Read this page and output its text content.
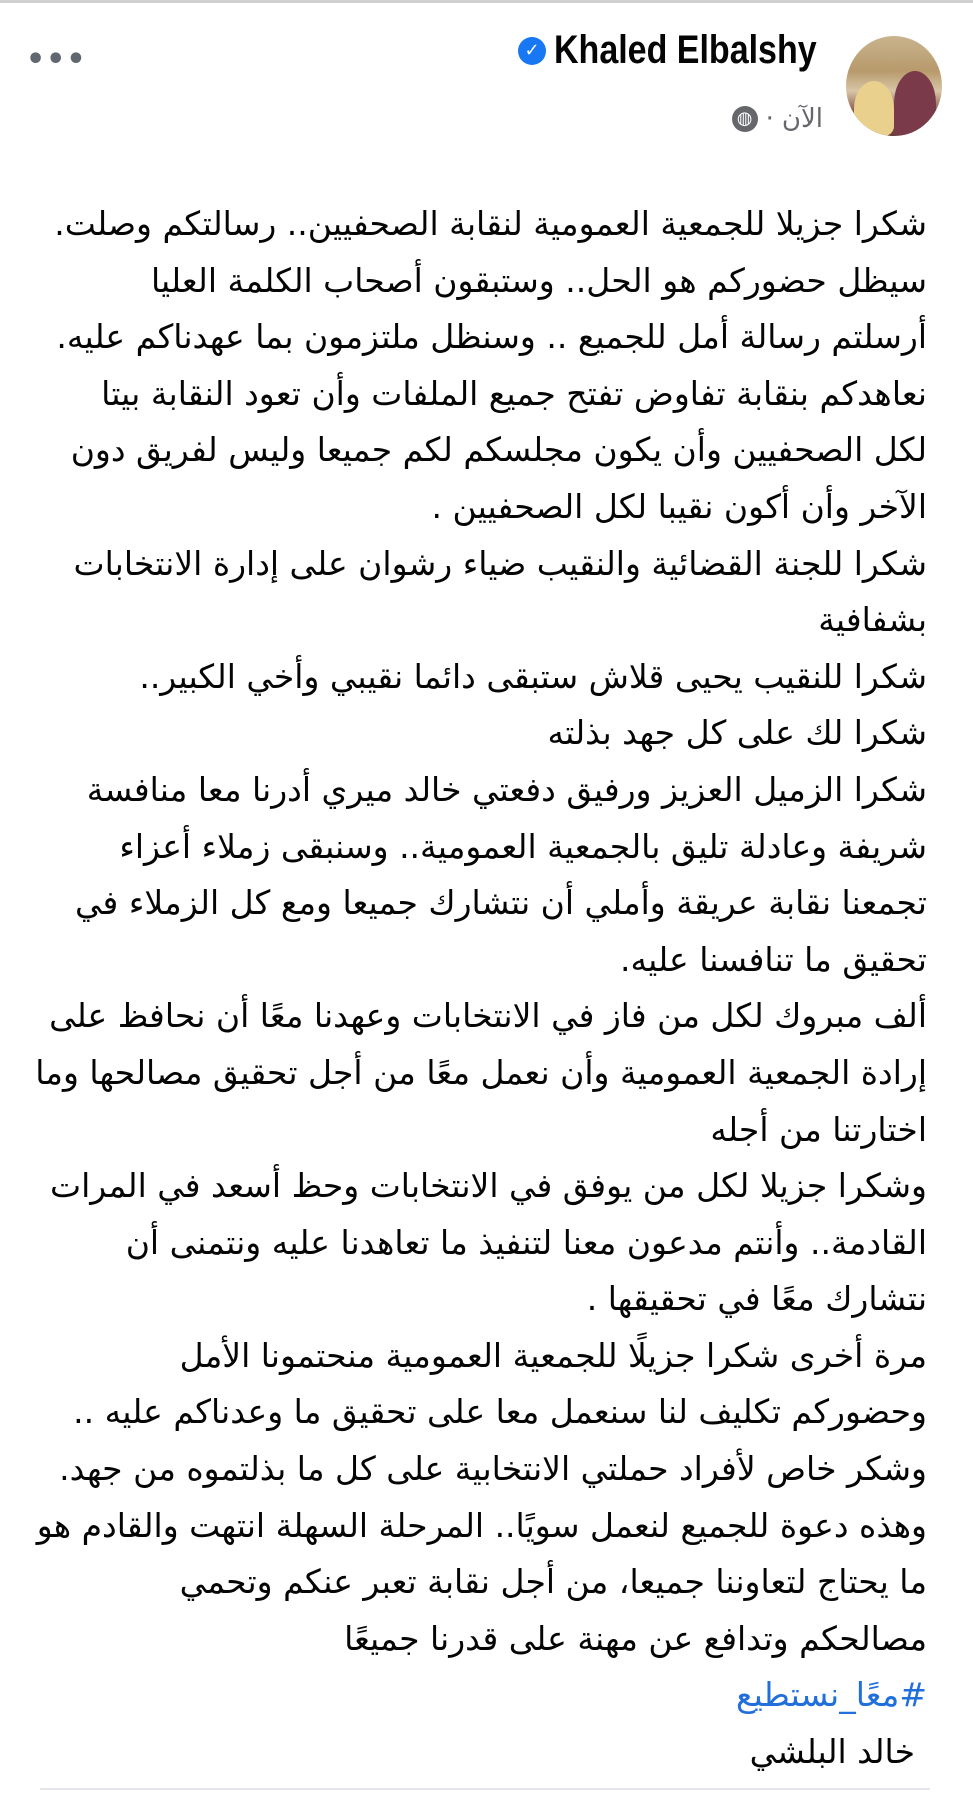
✓ Khaled Elbalshy
الآن
·
◍
•••
شكرا جزيلا للجمعية العمومية لنقابة الصحفيين.. رسالتكم وصلت.
سيظل حضوركم هو الحل.. وستبقون أصحاب الكلمة العليا
أرسلتم رسالة أمل للجميع .. وسنظل ملتزمون بما عهدناكم عليه.
نعاهدكم بنقابة تفاوض تفتح جميع الملفات وأن تعود النقابة بيتا
لكل الصحفيين وأن يكون مجلسكم لكم جميعا وليس لفريق دون
الآخر وأن أكون نقيبا لكل الصحفيين .
شكرا للجنة القضائية والنقيب ضياء رشوان على إدارة الانتخابات
بشفافية
شكرا للنقيب يحيى قلاش ستبقى دائما نقيبي وأخي الكبير..
شكرا لك على كل جهد بذلته
شكرا الزميل العزيز ورفيق دفعتي خالد ميري أدرنا معا منافسة
شريفة وعادلة تليق بالجمعية العمومية.. وسنبقى زملاء أعزاء
تجمعنا نقابة عريقة وأملي أن نتشارك جميعا ومع كل الزملاء في
تحقيق ما تنافسنا عليه.
ألف مبروك لكل من فاز في الانتخابات وعهدنا معًا أن نحافظ على
إرادة الجمعية العمومية وأن نعمل معًا من أجل تحقيق مصالحها وما
اختارتنا من أجله
وشكرا جزيلا لكل من يوفق في الانتخابات وحظ أسعد في المرات
القادمة.. وأنتم مدعون معنا لتنفيذ ما تعاهدنا عليه ونتمنى أن
نتشارك معًا في تحقيقها .
مرة أخرى شكرا جزيلًا للجمعية العمومية منحتمونا الأمل
وحضوركم تكليف لنا سنعمل معا على تحقيق ما وعدناكم عليه ..
وشكر خاص لأفراد حملتي الانتخابية على كل ما بذلتموه من جهد.
وهذه دعوة للجميع لنعمل سويًا.. المرحلة السهلة انتهت والقادم هو
ما يحتاج لتعاوننا جميعا، من أجل نقابة تعبر عنكم وتحمي
مصالحكم وتدافع عن مهنة على قدرنا جميعًا
#معًا_نستطيع
خالد البلشي
